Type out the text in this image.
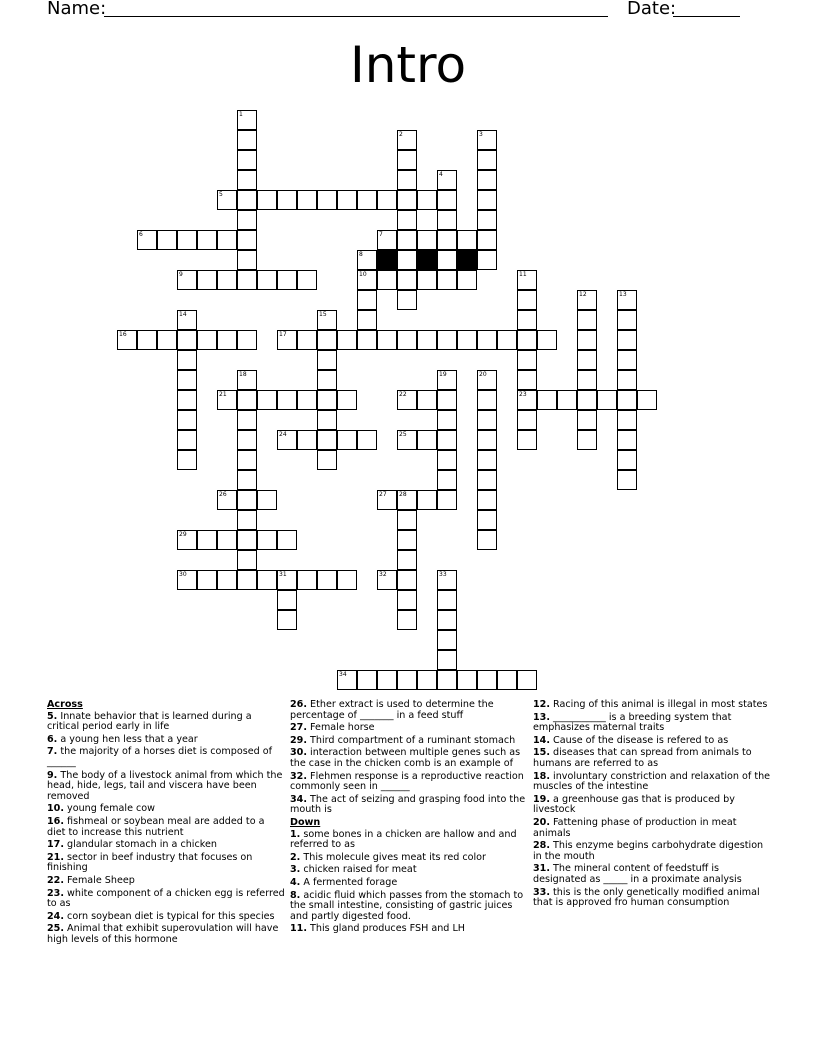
Name:	Date:
Intro
1
2	3
4
5
6	7
8
9	10	11
12	13
14	15
16	17
18	19	20
21	22	23
24	25
26	27 28
29
30	31	32	33
34
Across
5. Innate behavior that is learned during a critical period early in life
6. a young hen less that a year
7. the majority of a horses diet is composed of ______
9. The body of a livestock animal from which the head, hide, legs, tail and viscera have been removed
10. young female cow
16. fishmeal or soybean meal are added to a diet to increase this nutrient
17. glandular stomach in a chicken
21. sector in beef industry that focuses on finishing
22. Female Sheep
23. white component of a chicken egg is referred to as
24. corn soybean diet is typical for this species
25. Animal that exhibit superovulation will have high levels of this hormone
26. Ether extract is used to determine the percentage of _______ in a feed stuff
27. Female horse
29. Third compartment of a ruminant stomach
30. interaction between multiple genes such as the case in the chicken comb is an example of
32. Flehmen response is a reproductive reaction commonly seen in ______
34. The act of seizing and grasping food into the mouth is
Down
1. some bones in a chicken are hallow and and referred to as
2. This molecule gives meat its red color
3. chicken raised for meat
4. A fermented forage
8. acidic fluid which passes from the stomach to the small intestine, consisting of gastric juices and partly digested food.
11. This gland produces FSH and LH
12. Racing of this animal is illegal in most states
13. ___________ is a breeding system that emphasizes maternal traits
14. Cause of the disease is refered to as
15. diseases that can spread from animals to humans are referred to as
18. involuntary constriction and relaxation of the muscles of the intestine
19. a greenhouse gas that is produced by livestock
20. Fattening phase of production in meat animals
28. This enzyme begins carbohydrate digestion in the mouth
31. The mineral content of feedstuff is designated as _____ in a proximate analysis
33. this is the only genetically modified animal that is approved fro human consumption
